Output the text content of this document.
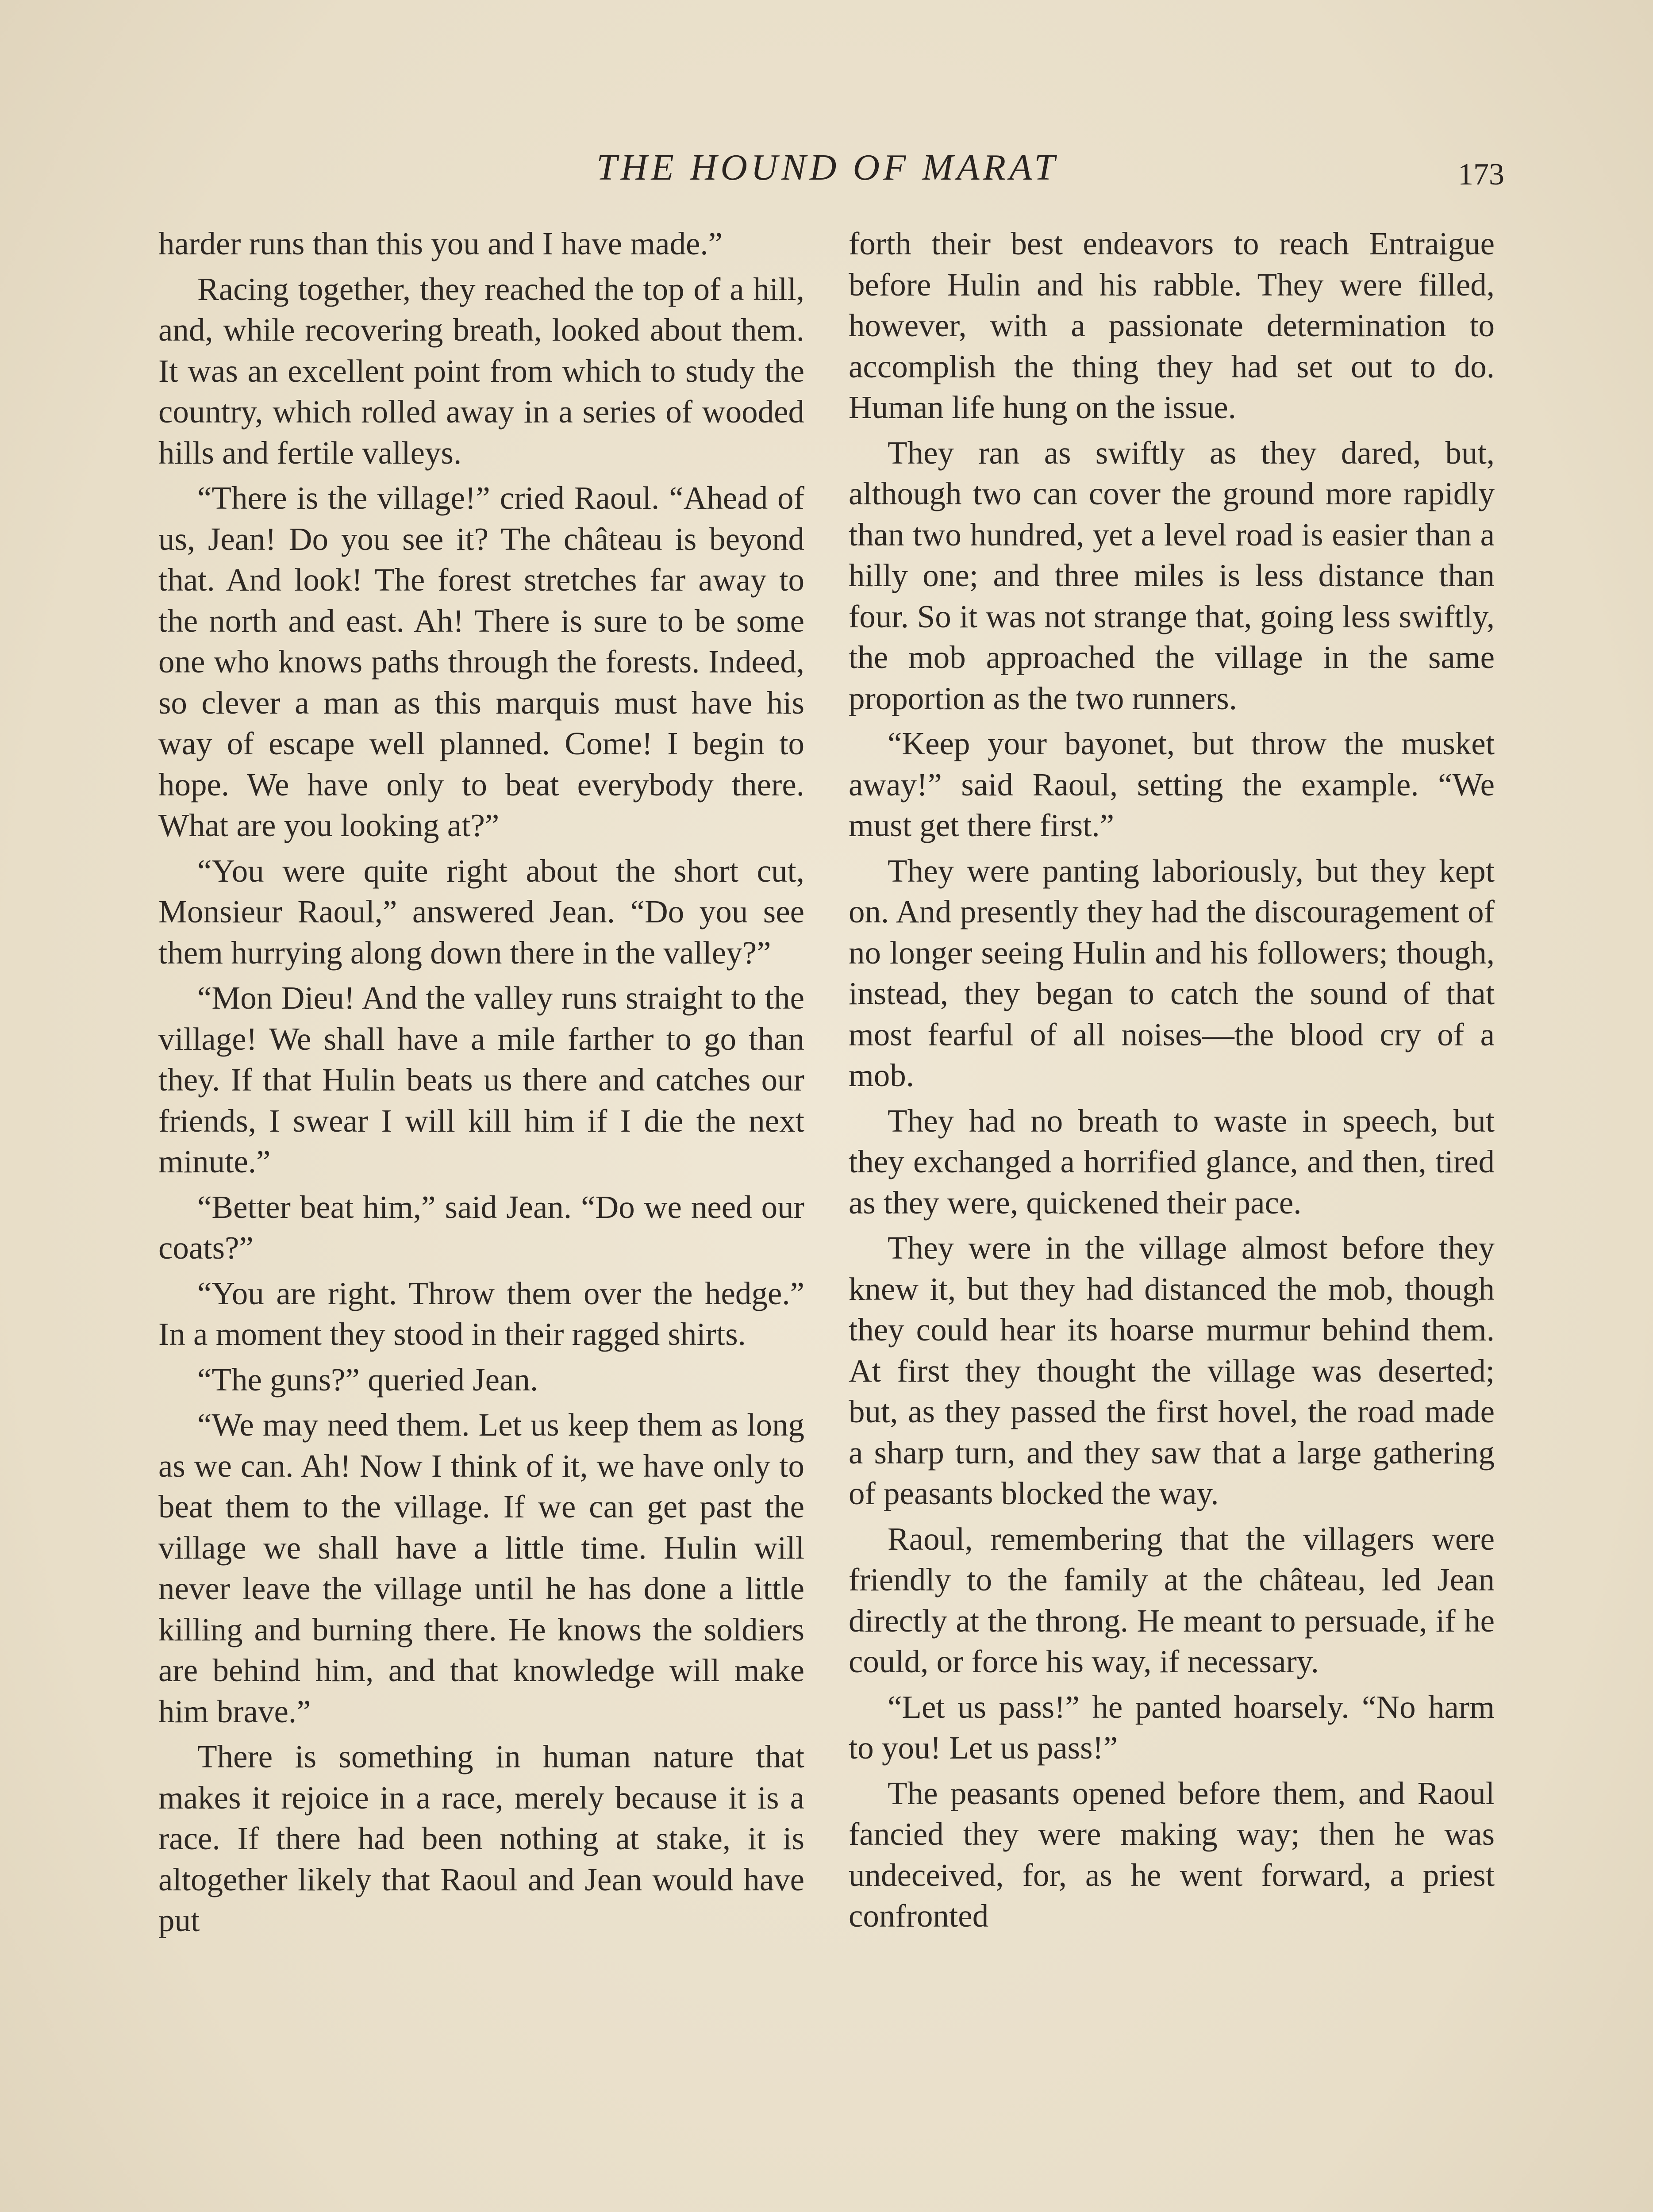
THE HOUND OF MARAT	173

harder runs than this you and I have made.”

Racing together, they reached the top of a hill, and, while recovering breath, looked about them. It was an excellent point from which to study the country, which rolled away in a series of wooded hills and fertile valleys.

“There is the village!” cried Raoul. “Ahead of us, Jean! Do you see it? The château is beyond that. And look! The forest stretches far away to the north and east. Ah! There is sure to be some one who knows paths through the forests. Indeed, so clever a man as this marquis must have his way of escape well planned. Come! I begin to hope. We have only to beat everybody there. What are you looking at?”

“You were quite right about the short cut, Monsieur Raoul,” answered Jean. “Do you see them hurrying along down there in the valley?”

“Mon Dieu! And the valley runs straight to the village! We shall have a mile farther to go than they. If that Hulin beats us there and catches our friends, I swear I will kill him if I die the next minute.”

“Better beat him,” said Jean. “Do we need our coats?”

“You are right. Throw them over the hedge.” In a moment they stood in their ragged shirts.

“The guns?” queried Jean.

“We may need them. Let us keep them as long as we can. Ah! Now I think of it, we have only to beat them to the village. If we can get past the village we shall have a little time. Hulin will never leave the village until he has done a little killing and burning there. He knows the soldiers are behind him, and that knowledge will make him brave.”

There is something in human nature that makes it rejoice in a race, merely because it is a race. If there had been nothing at stake, it is altogether likely that Raoul and Jean would have put

forth their best endeavors to reach Entraigue before Hulin and his rabble. They were filled, however, with a passionate determination to accomplish the thing they had set out to do. Human life hung on the issue.

They ran as swiftly as they dared, but, although two can cover the ground more rapidly than two hundred, yet a level road is easier than a hilly one; and three miles is less distance than four. So it was not strange that, going less swiftly, the mob approached the village in the same proportion as the two runners.

“Keep your bayonet, but throw the musket away!” said Raoul, setting the example. “We must get there first.”

They were panting laboriously, but they kept on. And presently they had the discouragement of no longer seeing Hulin and his followers; though, instead, they began to catch the sound of that most fearful of all noises—the blood cry of a mob.

They had no breath to waste in speech, but they exchanged a horrified glance, and then, tired as they were, quickened their pace.

They were in the village almost before they knew it, but they had distanced the mob, though they could hear its hoarse murmur behind them. At first they thought the village was deserted; but, as they passed the first hovel, the road made a sharp turn, and they saw that a large gathering of peasants blocked the way.

Raoul, remembering that the villagers were friendly to the family at the château, led Jean directly at the throng. He meant to persuade, if he could, or force his way, if necessary.

“Let us pass!” he panted hoarsely. “No harm to you! Let us pass!”

The peasants opened before them, and Raoul fancied they were making way; then he was undeceived, for, as he went forward, a priest confronted
